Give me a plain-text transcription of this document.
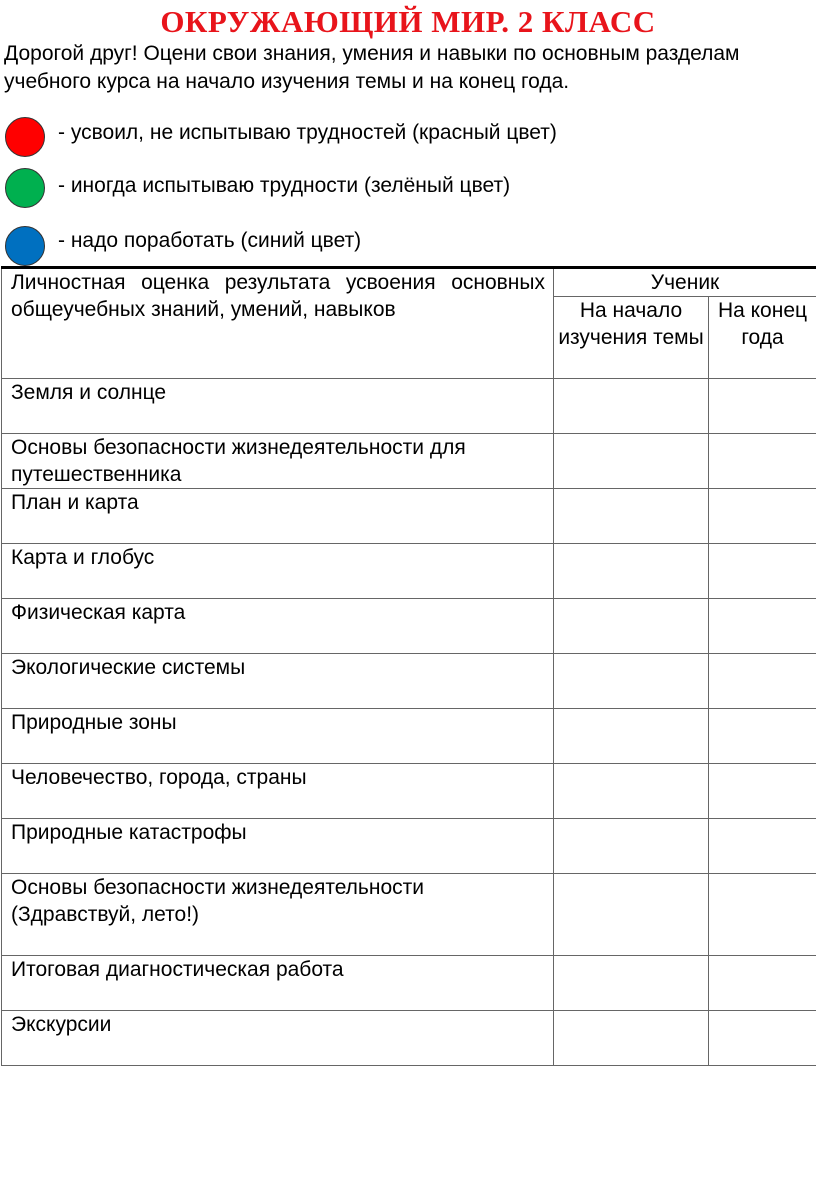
ОКРУЖАЮЩИЙ МИР. 2 КЛАСС
Дорогой друг! Оцени свои знания, умения и навыки по основным разделам
учебного курса на начало изучения темы и на конец года.
- усвоил, не испытываю трудностей (красный цвет)
- иногда испытываю трудности (зелёный цвет)
- надо поработать (синий цвет)
Личностная оценка результата усвоения основных общеучебных знаний, умений, навыков	Ученик	
	На начало изучения темы	На конец года
Земля и солнце		
Основы безопасности жизнедеятельности для путешественника		
План и карта		
Карта и глобус		
Физическая карта		
Экологические системы		
Природные зоны		
Человечество, города, страны		
Природные катастрофы		
Основы безопасности жизнедеятельности (Здравствуй, лето!)		
Итоговая диагностическая работа		
Экскурсии		
